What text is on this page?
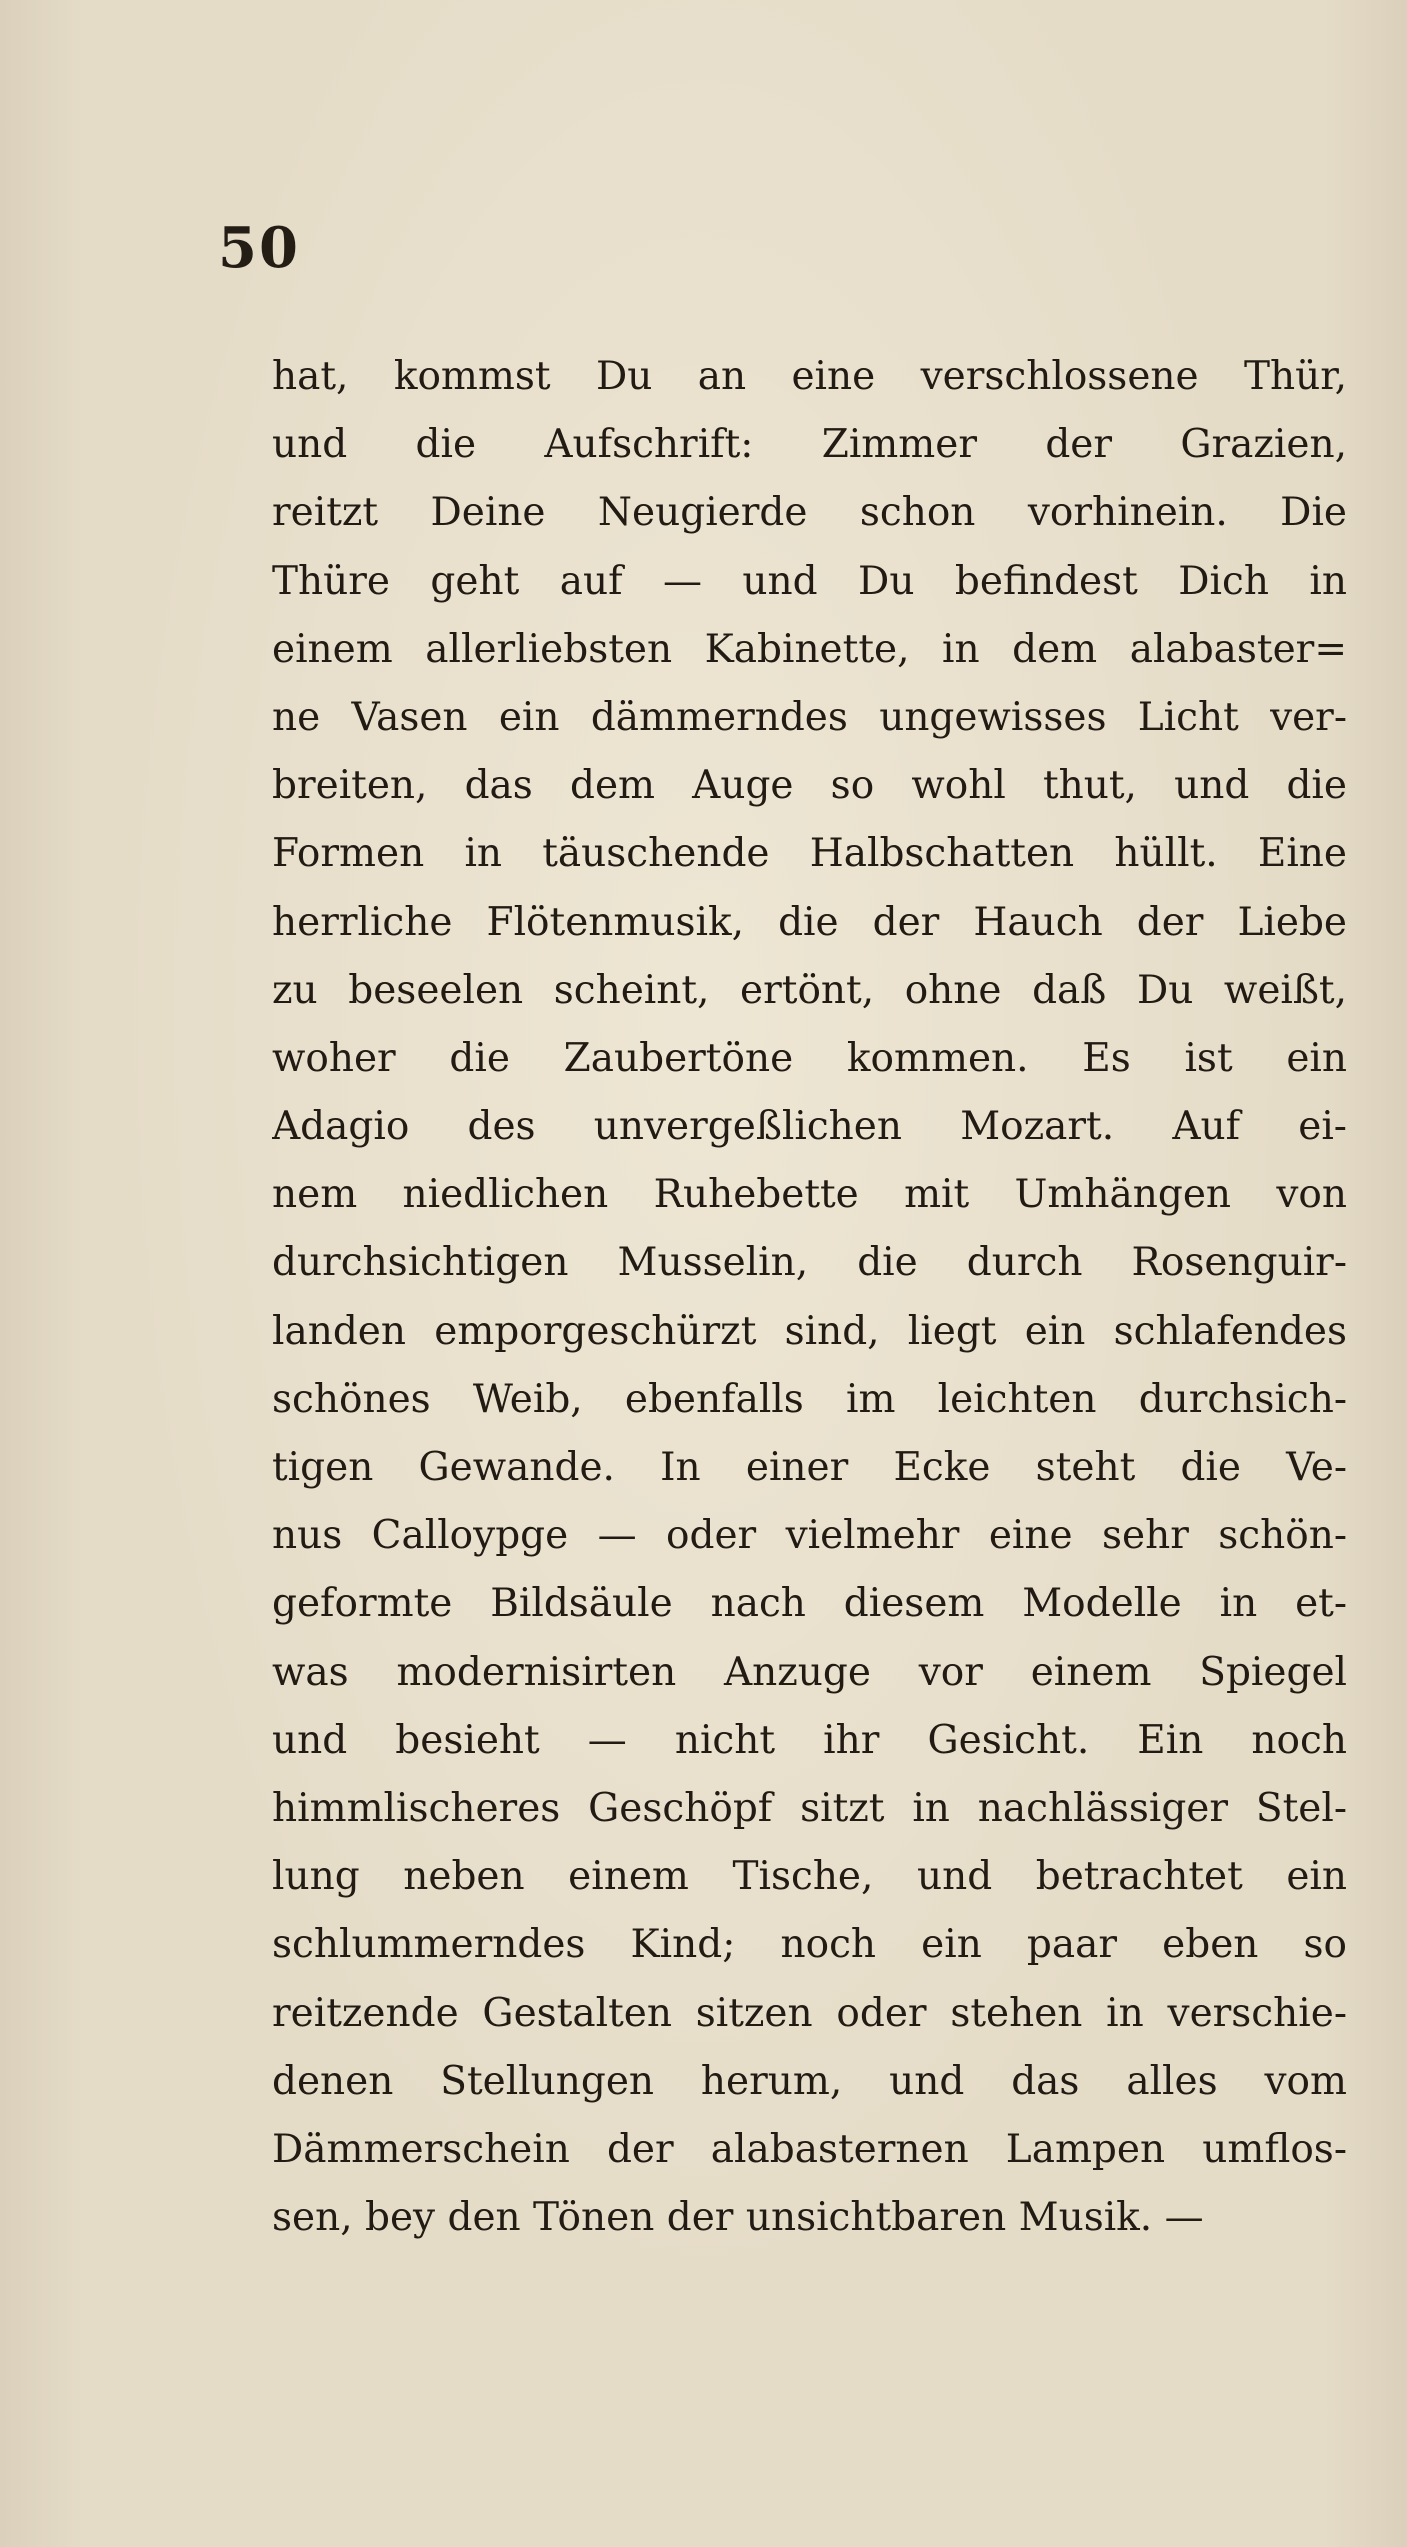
50
hat, kommst Du an eine verschlossene Thür,
und die Aufschrift: Zimmer der Grazien,
reitzt Deine Neugierde schon vorhinein. Die
Thüre geht auf — und Du befindest Dich in
einem allerliebsten Kabinette, in dem alabaster=
ne Vasen ein dämmerndes ungewisses Licht ver-
breiten, das dem Auge so wohl thut, und die
Formen in täuschende Halbschatten hüllt. Eine
herrliche Flötenmusik, die der Hauch der Liebe
zu beseelen scheint, ertönt, ohne daß Du weißt,
woher die Zaubertöne kommen. Es ist ein
Adagio des unvergeßlichen Mozart. Auf ei-
nem niedlichen Ruhebette mit Umhängen von
durchsichtigen Musselin, die durch Rosenguir-
landen emporgeschürzt sind, liegt ein schlafendes
schönes Weib, ebenfalls im leichten durchsich-
tigen Gewande. In einer Ecke steht die Ve-
nus Calloypge — oder vielmehr eine sehr schön-
geformte Bildsäule nach diesem Modelle in et-
was modernisirten Anzuge vor einem Spiegel
und besieht — nicht ihr Gesicht. Ein noch
himmlischeres Geschöpf sitzt in nachlässiger Stel-
lung neben einem Tische, und betrachtet ein
schlummerndes Kind; noch ein paar eben so
reitzende Gestalten sitzen oder stehen in verschie-
denen Stellungen herum, und das alles vom
Dämmerschein der alabasternen Lampen umflos-
sen, bey den Tönen der unsichtbaren Musik. —
